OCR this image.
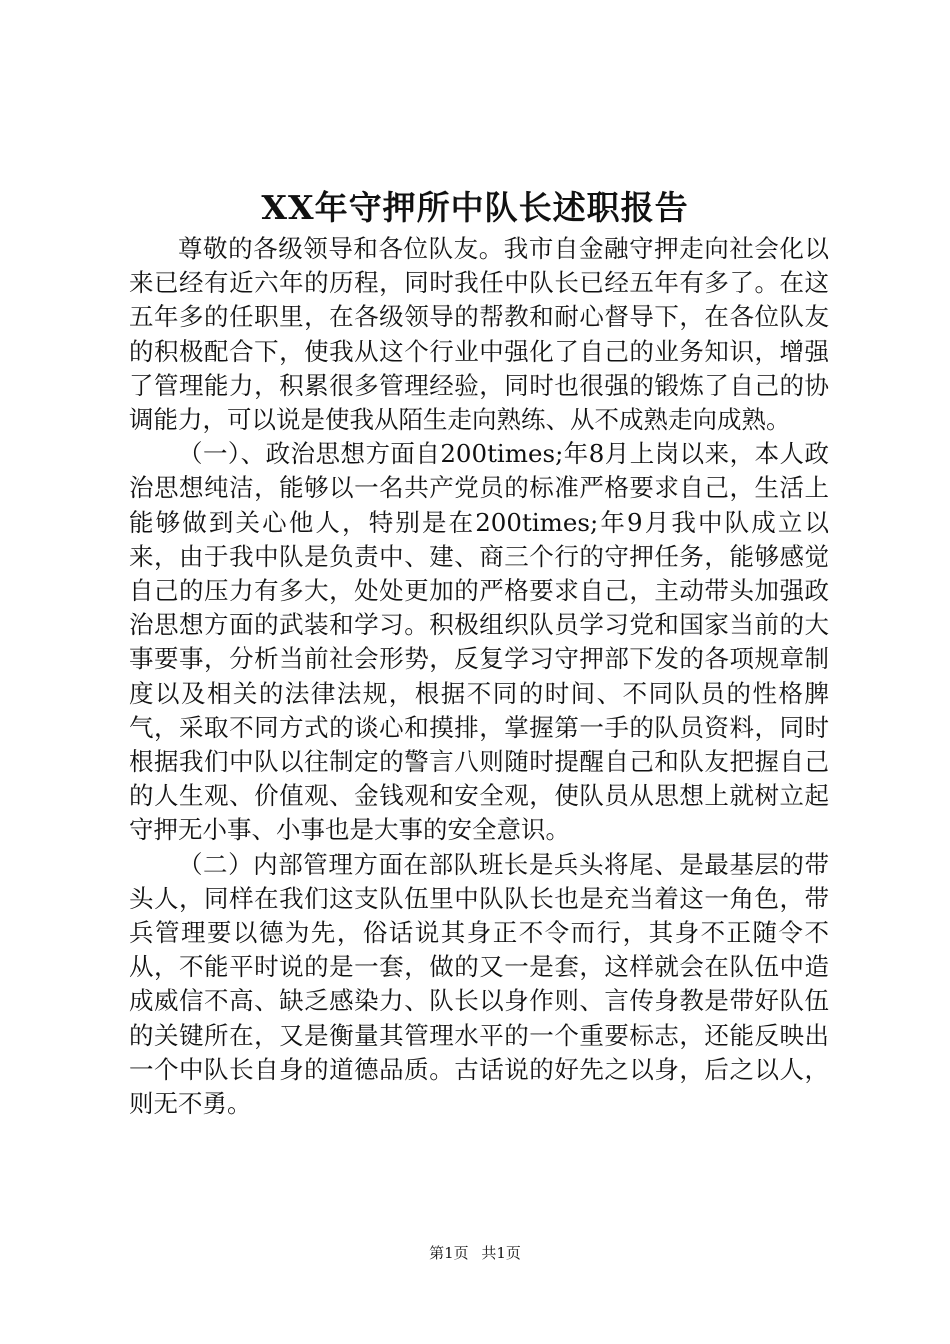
XX年守押所中队长述职报告

尊敬的各级领导和各位队友。我市自金融守押走向社会化以来已经有近六年的历程，同时我任中队长已经五年有多了。在这五年多的任职里，在各级领导的帮教和耐心督导下，在各位队友的积极配合下，使我从这个行业中强化了自己的业务知识，增强了管理能力，积累很多管理经验，同时也很强的锻炼了自己的协调能力，可以说是使我从陌生走向熟练、从不成熟走向成熟。

（一）、政治思想方面自200times;年8月上岗以来，本人政治思想纯洁，能够以一名共产党员的标准严格要求自己，生活上能够做到关心他人，特别是在200times;年9月我中队成立以来，由于我中队是负责中、建、商三个行的守押任务，能够感觉自己的压力有多大，处处更加的严格要求自己，主动带头加强政治思想方面的武装和学习。积极组织队员学习党和国家当前的大事要事，分析当前社会形势，反复学习守押部下发的各项规章制度以及相关的法律法规，根据不同的时间、不同队员的性格脾气，采取不同方式的谈心和摸排，掌握第一手的队员资料，同时根据我们中队以往制定的警言八则随时提醒自己和队友把握自己的人生观、价值观、金钱观和安全观，使队员从思想上就树立起守押无小事、小事也是大事的安全意识。

（二）内部管理方面在部队班长是兵头将尾、是最基层的带头人，同样在我们这支队伍里中队队长也是充当着这一角色，带兵管理要以德为先，俗话说其身正不令而行，其身不正随令不从，不能平时说的是一套，做的又一是套，这样就会在队伍中造成威信不高、缺乏感染力、队长以身作则、言传身教是带好队伍的关键所在，又是衡量其管理水平的一个重要标志，还能反映出一个中队长自身的道德品质。古话说的好先之以身，后之以人，则无不勇。

第1页 共1页
